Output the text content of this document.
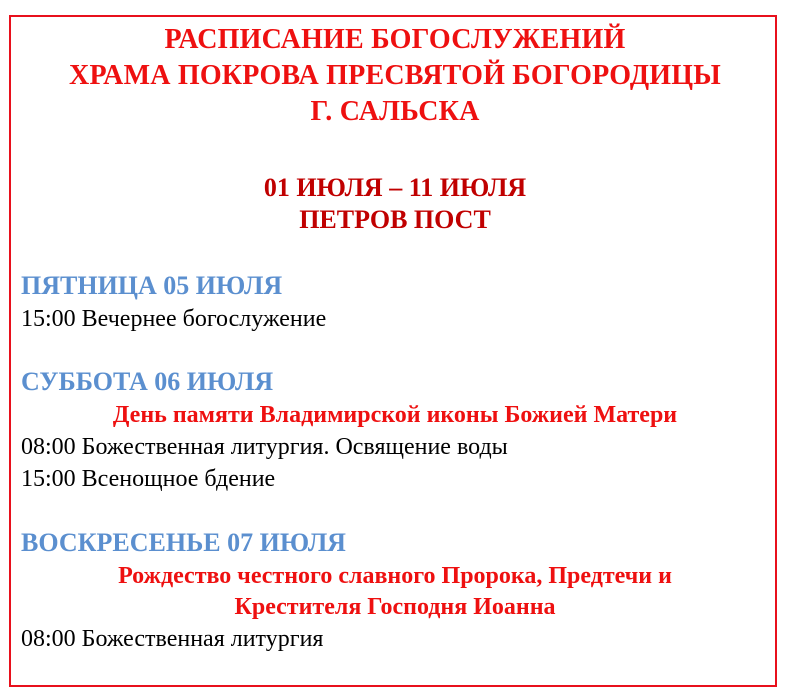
РАСПИСАНИЕ БОГОСЛУЖЕНИЙ
ХРАМА ПОКРОВА ПРЕСВЯТОЙ БОГОРОДИЦЫ
Г. САЛЬСКА
01 ИЮЛЯ – 11 ИЮЛЯ
ПЕТРОВ ПОСТ
ПЯТНИЦА 05 ИЮЛЯ
15:00 Вечернее богослужение
СУББОТА 06 ИЮЛЯ
День памяти Владимирской иконы Божией Матери
08:00 Божественная литургия. Освящение воды
15:00 Всенощное бдение
ВОСКРЕСЕНЬЕ 07 ИЮЛЯ
Рождество честного славного Пророка, Предтечи и
Крестителя Господня Иоанна
08:00 Божественная литургия
